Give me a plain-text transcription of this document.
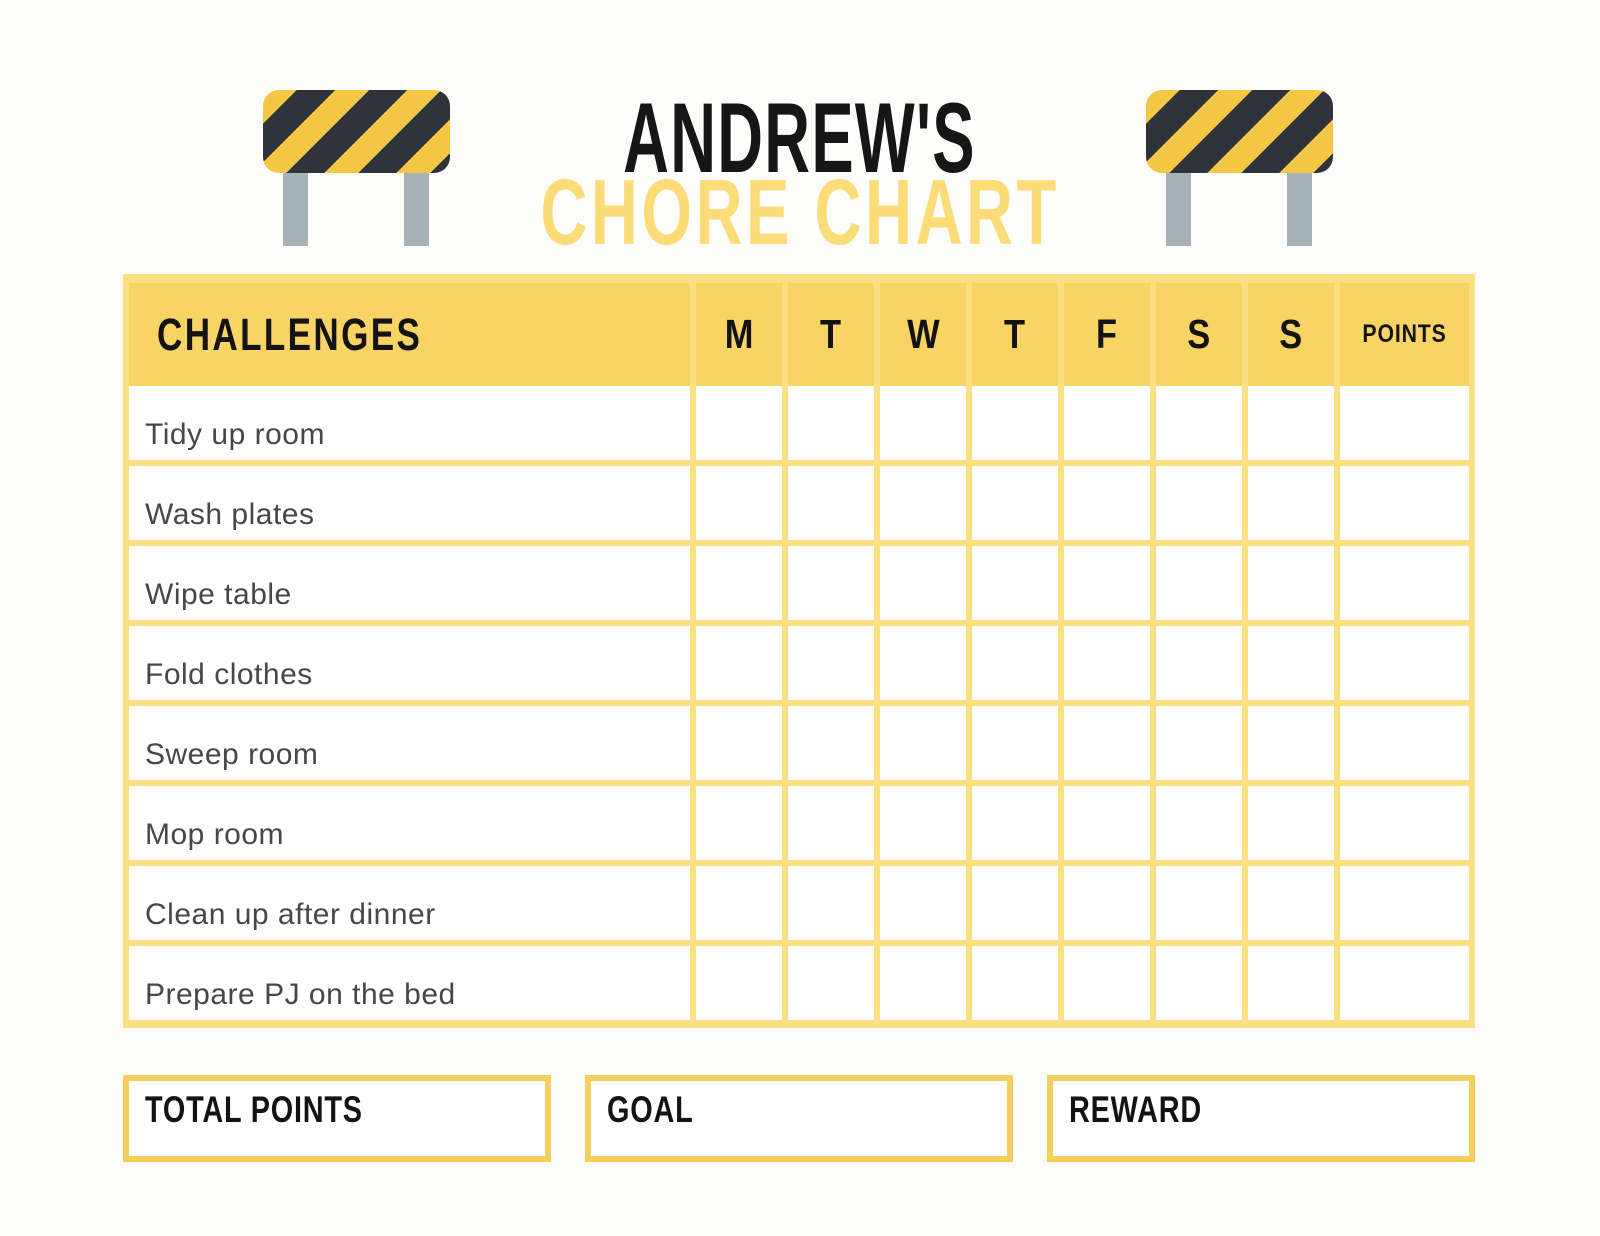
ANDREW'S
CHORE CHART
CHALLENGES	M T W T F S S POINTS
Tidy up room
Wash plates
Wipe table
Fold clothes
Sweep room
Mop room
Clean up after dinner
Prepare PJ on the bed
TOTAL POINTS	GOAL	REWARD
